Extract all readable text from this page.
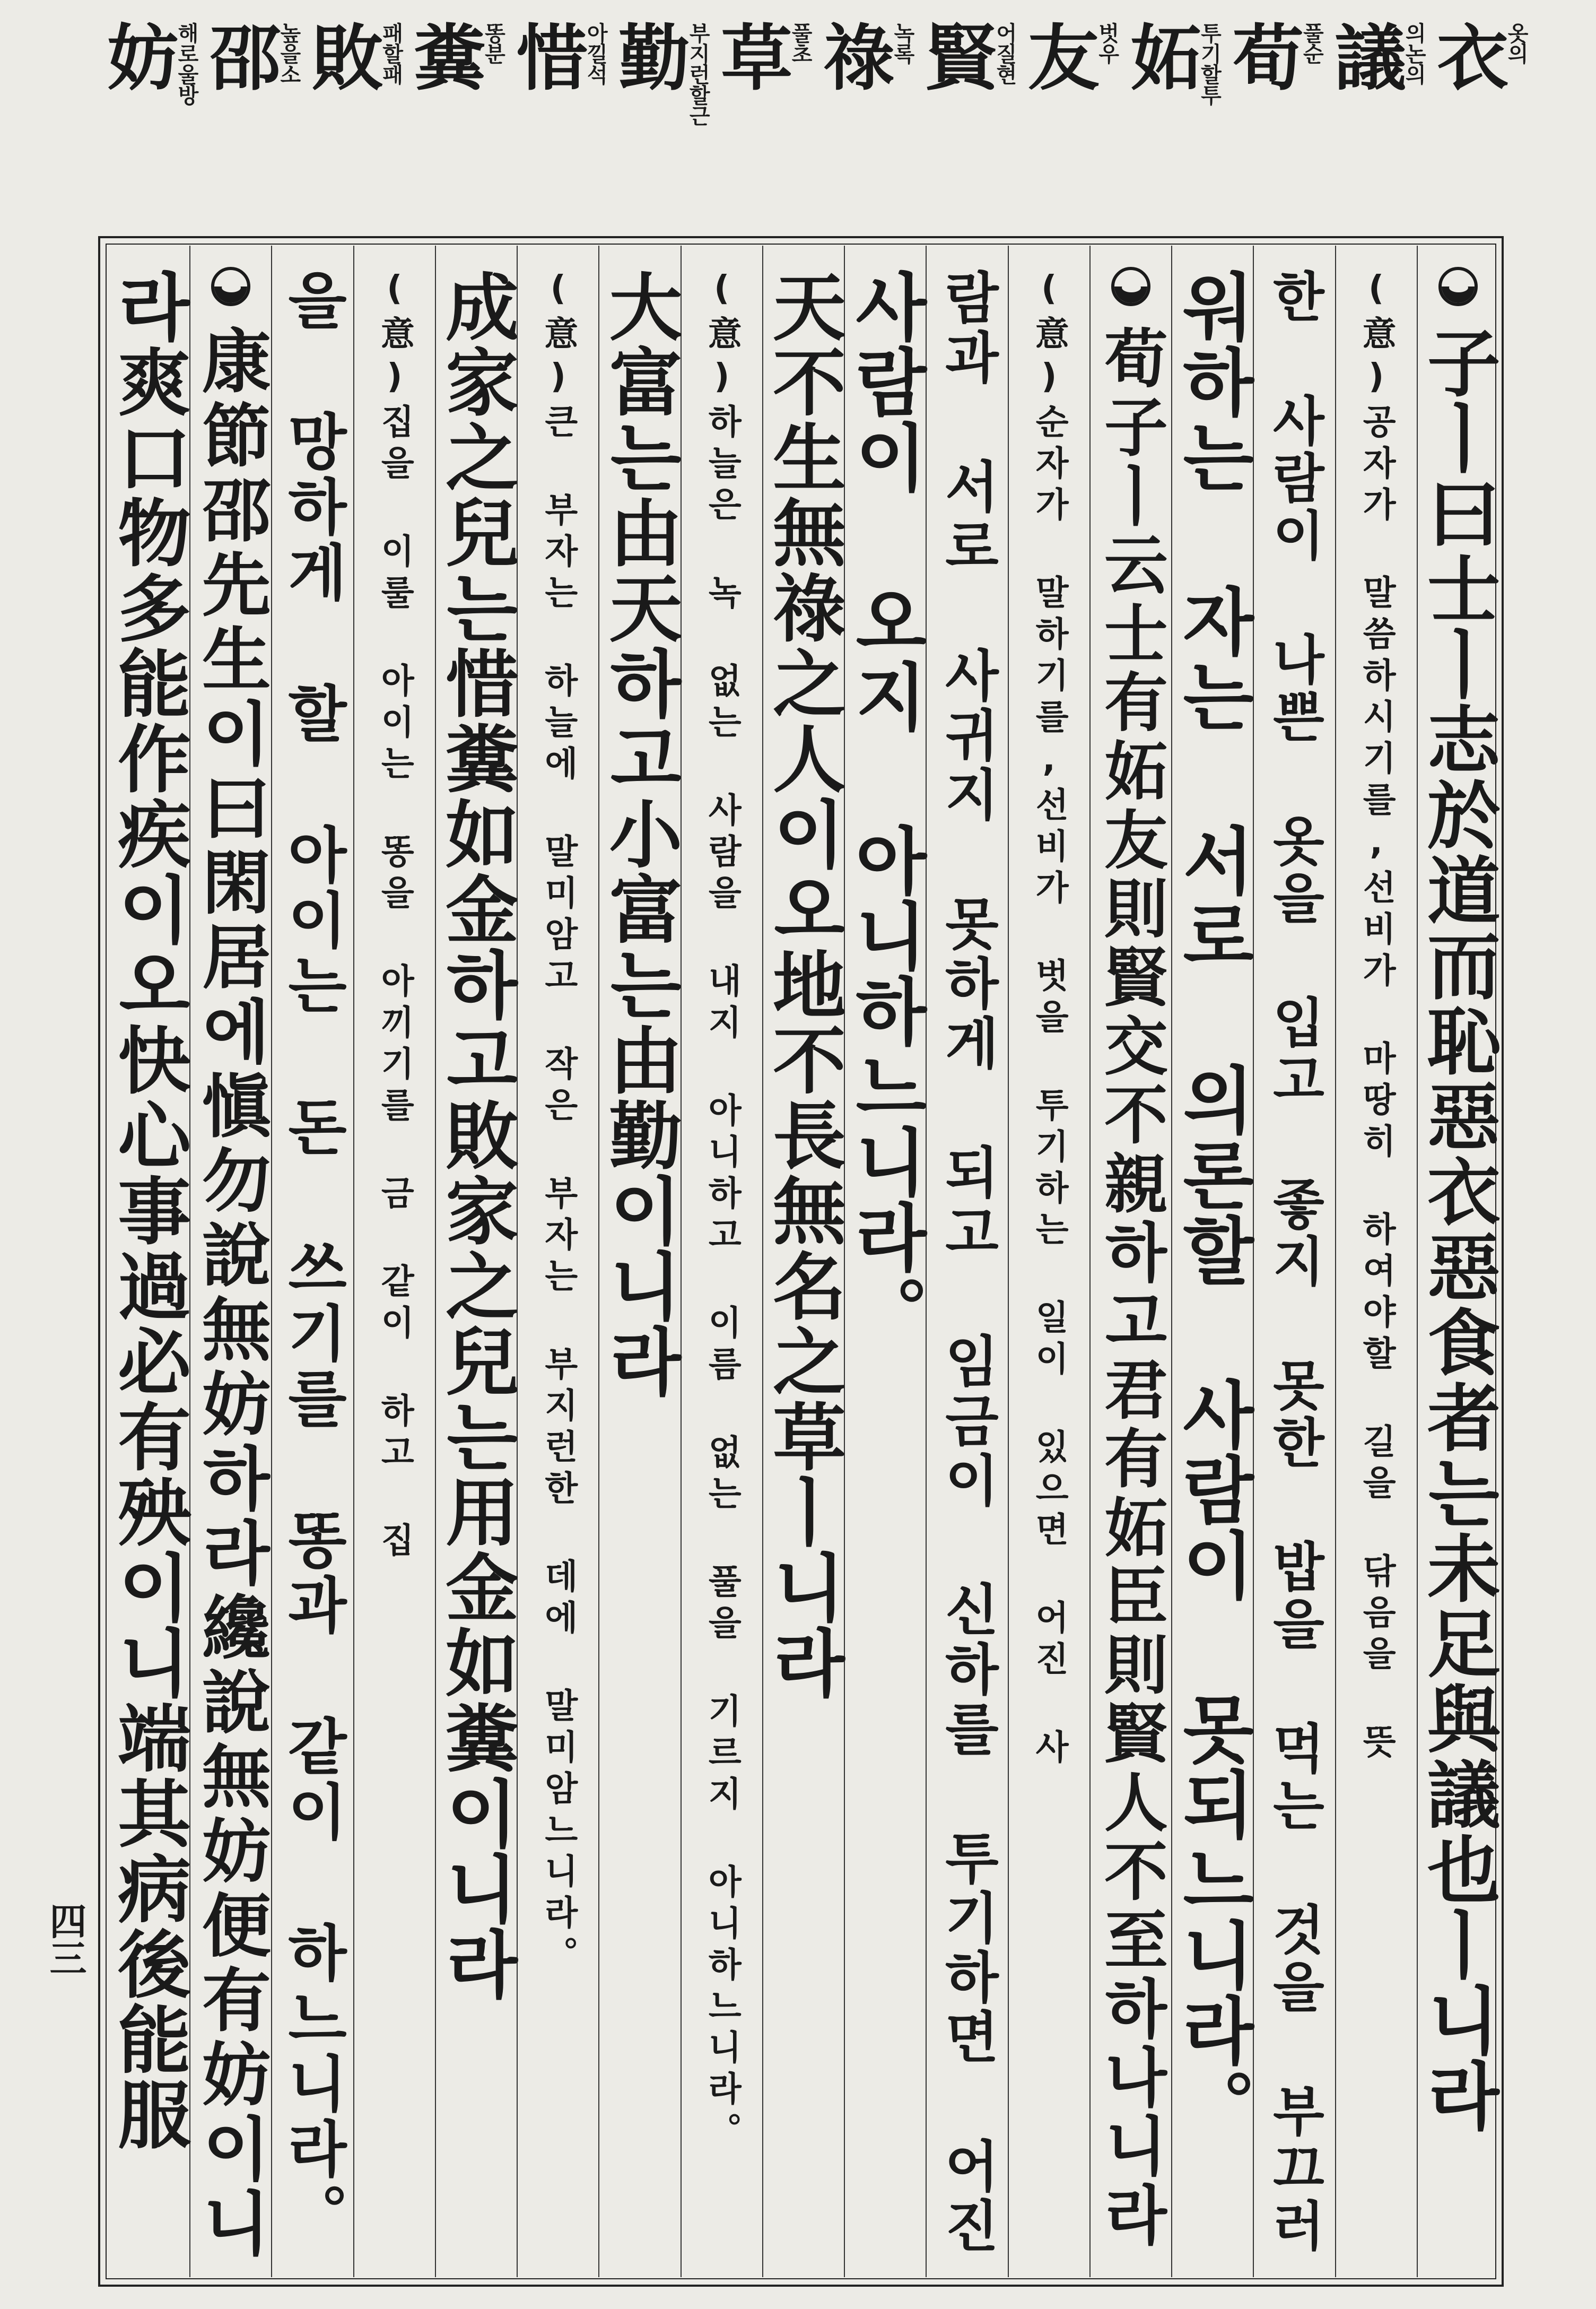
衣
옷의
議
의논의
荀
풀순
妬
투기할투
友
벗우
賢
어질현
祿
녹록
草
풀초
勤
부지런할근
惜
아낄석
糞
똥분
敗
패할패
邵
높을소
妨
해로울방
子ㅣ曰士ㅣ志於道而恥惡衣惡食者는未足與議也ㅣ니라
(意)공자가 말씀하시기를,선비가 마땅히 하여야할 길을 닦음을 뜻
한 사람이 나쁜 옷을 입고 좋지 못한 밥을 먹는 것을 부끄러
워하는 자는 서로 의론할 사람이 못되느니라。
荀子ㅣ云士有妬友則賢交不親하고君有妬臣則賢人不至하나니라
(意)순자가 말하기를,선비가 벗을 투기하는 일이 있으면 어진 사
람과 서로 사귀지 못하게 되고 임금이 신하를 투기하면 어진
사람이 오지 아니하느니라。
天不生無祿之人이오地不長無名之草ㅣ니라
(意)하늘은 녹 없는 사람을 내지 아니하고 이름 없는 풀을 기르지 아니하느니라。
大富는由天하고小富는由勤이니라
(意)큰 부자는 하늘에 말미암고 작은 부자는 부지런한 데에 말미암느니라。
成家之兒는惜糞如金하고敗家之兒는用金如糞이니라
(意)집을 이룰 아이는 똥을 아끼기를 금 같이 하고 집
을 망하게 할 아이는 돈 쓰기를 똥과 같이 하느니라。
康節邵先生이曰閑居에愼勿說無妨하라纔說無妨便有妨이니
라爽口物多能作疾이오快心事過必有殃이니端其病後能服
四三
